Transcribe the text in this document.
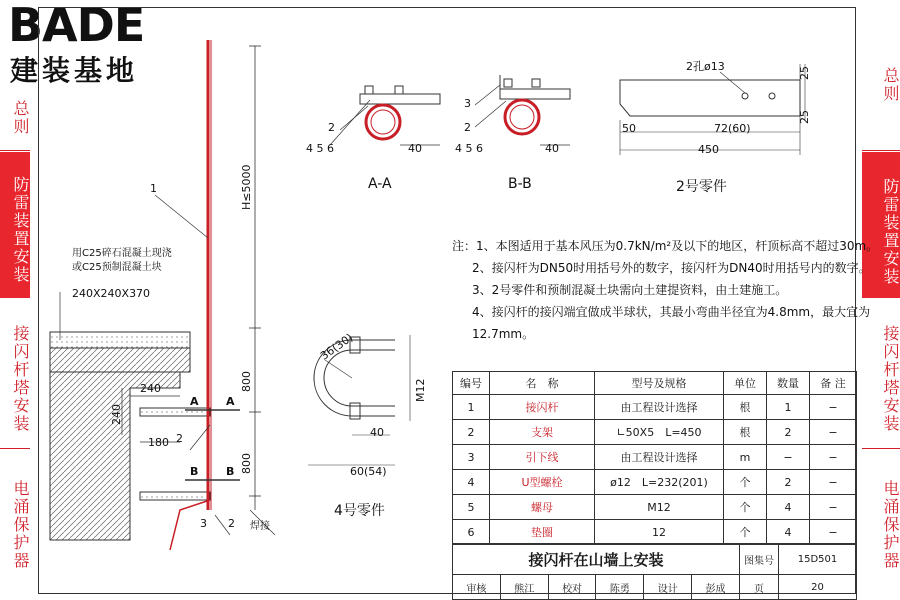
BADE
建装基地
总则
防雷装置安装
接闪杆塔安装
电涌保护器
总则
防雷装置安装
接闪杆塔安装
电涌保护器
1
用C25碎石混凝土现浇
或C25预制混凝土块
240X240X370
H≤5000
800
800
240
240
180
A A
B	B
2
3 2 焊接
2
4 5 6	40
A-A
3
2
4 5 6	40
B-B
2孔ø13	25
25
50	72(60)
450
2号零件
注：1、本图适用于基本风压为0.7kN/m²及以下的地区，杆顶标高不超过30m。
2、接闪杆为DN50时用括号外的数字，接闪杆为DN40时用括号内的数字。
3、2号零件和预制混凝土块需向土建提资料，由土建施工。
4、接闪杆的接闪端宜做成半球状，其最小弯曲半径宜为4.8mm，最大宜为
12.7mm。
36(30)
M12
40
60(54)
4号零件
编号	名　称	型号及规格	单位	数量	备 注
1	接闪杆	由工程设计选择	根	1	−
2	支架	∟50X5　L=450	根	2	−
3	引下线	由工程设计选择	m	−	−
4	U型螺栓	ø12　L=232(201)	个	2	−
5	螺母	M12	个	4	−
6	垫圈	12	个	4	−
接闪杆在山墙上安装						图集号	15D501
审核	熊江	校对	陈勇	设计	彭成	页	20
